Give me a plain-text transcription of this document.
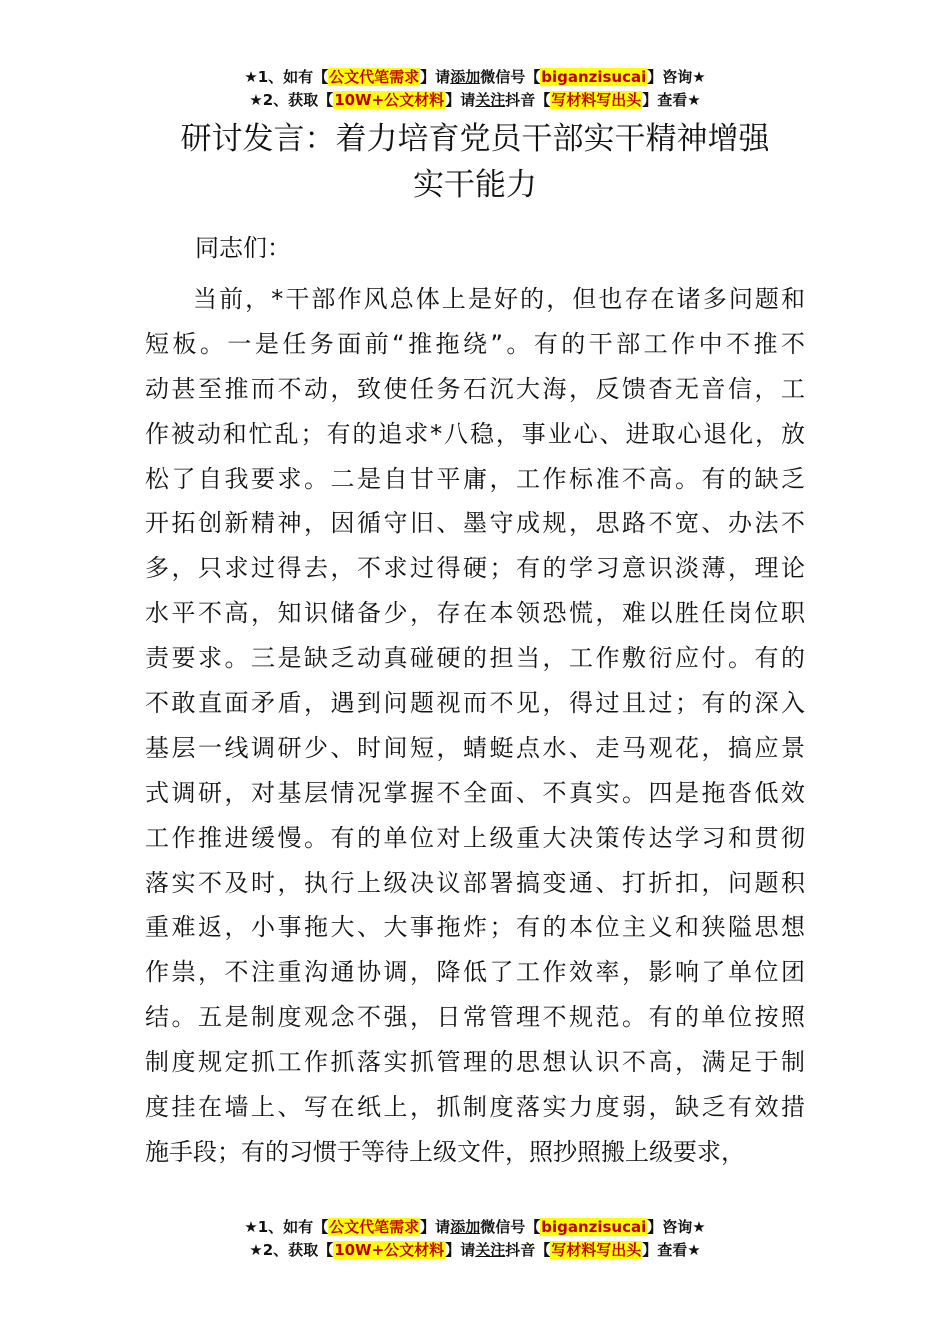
★1、如有【公文代笔需求】请添加微信号【biganzisucai】咨询★
★2、获取【10W+公文材料】请关注抖音【写材料写出头】查看★
研讨发言：着力培育党员干部实干精神增强
实干能力

同志们：

当前，*干部作风总体上是好的，但也存在诸多问题和
短板。一是任务面前“推拖绕”。有的干部工作中不推不
动甚至推而不动，致使任务石沉大海，反馈杳无音信，工
作被动和忙乱；有的追求*八稳，事业心、进取心退化，放
松了自我要求。二是自甘平庸，工作标准不高。有的缺乏
开拓创新精神，因循守旧、墨守成规，思路不宽、办法不
多，只求过得去，不求过得硬；有的学习意识淡薄，理论
水平不高，知识储备少，存在本领恐慌，难以胜任岗位职
责要求。三是缺乏动真碰硬的担当，工作敷衍应付。有的
不敢直面矛盾，遇到问题视而不见，得过且过；有的深入
基层一线调研少、时间短，蜻蜓点水、走马观花，搞应景
式调研，对基层情况掌握不全面、不真实。四是拖沓低效
工作推进缓慢。有的单位对上级重大决策传达学习和贯彻
落实不及时，执行上级决议部署搞变通、打折扣，问题积
重难返，小事拖大、大事拖炸；有的本位主义和狭隘思想
作祟，不注重沟通协调，降低了工作效率，影响了单位团
结。五是制度观念不强，日常管理不规范。有的单位按照
制度规定抓工作抓落实抓管理的思想认识不高，满足于制
度挂在墙上、写在纸上，抓制度落实力度弱，缺乏有效措
施手段；有的习惯于等待上级文件，照抄照搬上级要求，
★1、如有【公文代笔需求】请添加微信号【biganzisucai】咨询★
★2、获取【10W+公文材料】请关注抖音【写材料写出头】查看★
